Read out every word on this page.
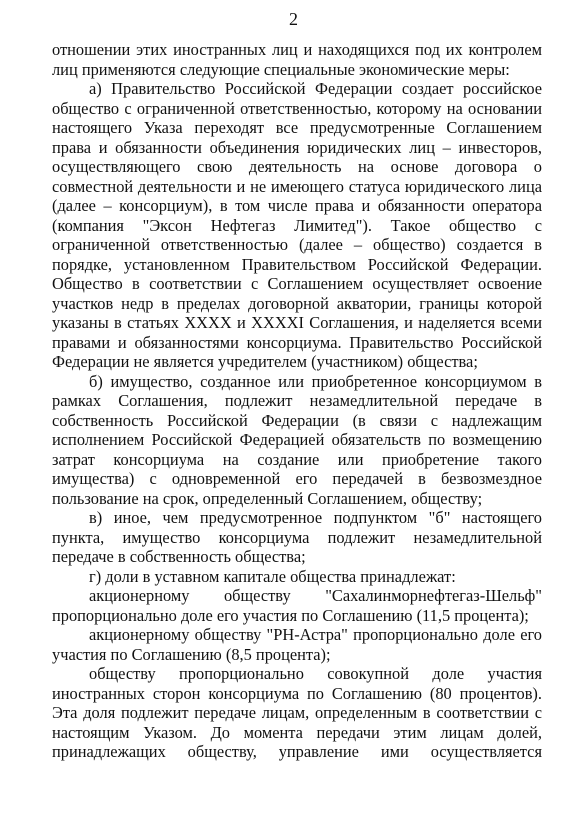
2

отношении этих иностранных лиц и находящихся под их контролем лиц применяются следующие специальные экономические меры:

а) Правительство Российской Федерации создает российское общество с ограниченной ответственностью, которому на основании настоящего Указа переходят все предусмотренные Соглашением права и обязанности объединения юридических лиц – инвесторов, осуществляющего свою деятельность на основе договора о совместной деятельности и не имеющего статуса юридического лица (далее – консорциум), в том числе права и обязанности оператора (компания "Эксон Нефтегаз Лимитед"). Такое общество с ограниченной ответственностью (далее – общество) создается в порядке, установленном Правительством Российской Федерации. Общество в соответствии с Соглашением осуществляет освоение участков недр в пределах договорной акватории, границы которой указаны в статьях XXXX и XXXXI Соглашения, и наделяется всеми правами и обязанностями консорциума. Правительство Российской Федерации не является учредителем (участником) общества;

б) имущество, созданное или приобретенное консорциумом в рамках Соглашения, подлежит незамедлительной передаче в собственность Российской Федерации (в связи с надлежащим исполнением Российской Федерацией обязательств по возмещению затрат консорциума на создание или приобретение такого имущества) с одновременной его передачей в безвозмездное пользование на срок, определенный Соглашением, обществу;

в) иное, чем предусмотренное подпунктом "б" настоящего пункта, имущество консорциума подлежит незамедлительной передаче в собственность общества;

г) доли в уставном капитале общества принадлежат:

акционерному обществу "Сахалинморнефтегаз-Шельф" пропорционально доле его участия по Соглашению (11,5 процента);

акционерному обществу "РН-Астра" пропорционально доле его участия по Соглашению (8,5 процента);

обществу пропорционально совокупной доле участия иностранных сторон консорциума по Соглашению (80 процентов). Эта доля подлежит передаче лицам, определенным в соответствии с настоящим Указом. До момента передачи этим лицам долей, принадлежащих обществу, управление ими осуществляется
